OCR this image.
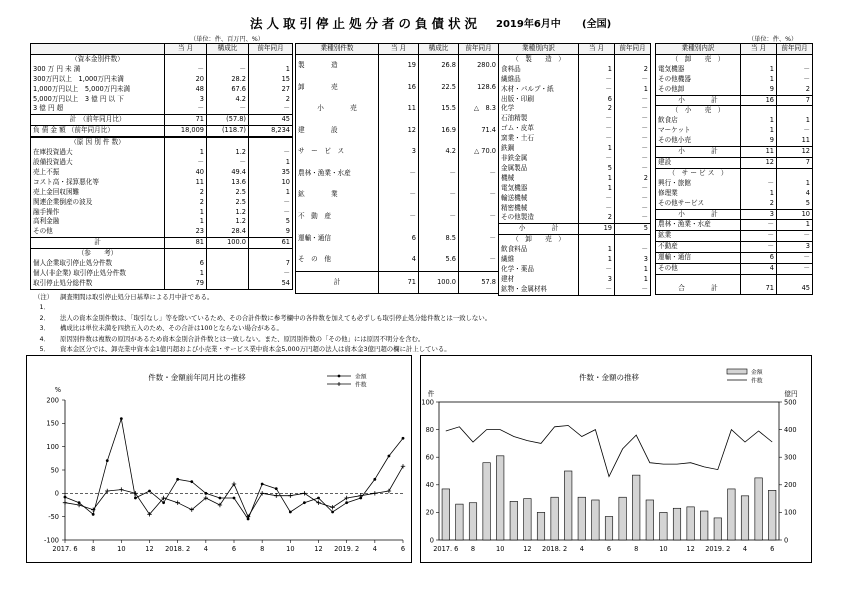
法人取引停止処分者の負債状況 2019年6月中 (全国)
（単位：件、百万円、%）	（単位：件、%）
	当 月	構成比	前年同月
（資本金別件数）			
300 万 円 未 満	－	－	1
300万円以上　1,000万円未満	20	28.2	15
1,000万円以上　5,000万円未満	48	67.6	27
5,000万円以上　3 億 円 以 下	3	4.2	2
3 億 円 超	－	－	－
計　（前年同月比）	71	(57.8)	45
負 債 金 額 （前年同月比）	18,009	(118.7)	8,234
（原 因 別 件 数）			
在庫投資過大	1	1.2	－
設備投資過大	－	－	1
売上不振	40	49.4	35
コスト高・採算悪化等	11	13.6	10
売上金回収困難	2	2.5	1
関連企業倒産の波及	2	2.5	－
融手操作	1	1.2	－
高利金融	1	1.2	5
その他	23	28.4	9
計	81	100.0	61
（参　　考）			
個人企業取引停止処分件数	6		7
個人(非企業) 取引停止処分件数	1		－
取引停止処分総件数	79		54
業種別件数	当 月	構成比	前年同月
製　　　　造	19	26.8	280.0
卸　　　　売	16	22.5	128.6
小　　　　売	11	15.5	△　8.3
建　　　　設	12	16.9	71.4
サ　ー　ビ　ス	3	4.2	△ 70.0
農林・漁業・水産	－	－	－
鉱　　　　業	－	－	－
不　動　産	－	－	－
運輸・通信	6	8.5	－
そ　の　他	4	5.6	－
計	71	100.0	57.8
業種別内訳	当 月	前年同月
（　製　　造　）		
食料品	1	2
繊維品	－	－
木材・パルプ・紙	－	1
出版・印刷	6	－
化学	2	－
石油精製	－	－
ゴム・皮革	－	－
窯業・土石	－	－
鉄鋼	1	－
非鉄金属	－	－
金属製品	5	－
機械	1	2
電気機器	1	－
輸送機械	－	－
精密機械	－	－
その他製造	2	－
小　　　　計	19	5
（　卸　　売　）		
飲食料品	1	－
繊維	1	3
化学・薬品	－	1
建材	3	1
鉱物・金属材料	－	－
業種別内訳	当 月	前年同月
（　卸　　売　）		
電気機器	1	－
その他機器	1	－
その他卸	9	2
小　　　　計	16	7
（　小　　売　）		
飲食店	1	1
マーケット	1	－
その他小売	9	11
小　　　　計	11	12
建設	12	7
（　サ ー ビ ス　）		
興行・旅館	－	1
修理業	1	4
その他サービス	2	5
小　　　　計	3	10
農林・漁業・水産	－	1
鉱業	－	－
不動産	－	3
運輸・通信	6	－
その他	4	－

合　　　　計	71	45
（注）　1．
調査期間は取引停止処分日基準による月中計である。
2．	法人の資本金別件数は、「取引なし」等を除いているため、その合計件数に参考欄中の各件数を加えても必ずしも取引停止処分総件数とは一致しない。
3．	構成比は単位未満を四捨五入のため、その合計は100とならない場合がある。
4．	原因別件数は複数の原因があるため資本金別合計件数とは一致しない。また、原因別件数の「その他」には原因不明分を含む。
5．	資本金区分では、卸売業中資本金1億円超および小売業・サービス業中資本金5,000万円超の法人は資本金3億円超の欄に計上している。
件数・金額前年同月比の推移
%
-100
-50
0
50
100
150
200
2017. 6 8	10	12 2018. 2 4	6	8	10	12 2019. 2 4	6
金額
件数
件数・金額の推移
件	億円
0
20
40
60
80
100
0
100
200
300
400
500
2017. 6 8	10	12 2018. 2 4	6	8	10	12 2019. 2 4	6
金額
件数
